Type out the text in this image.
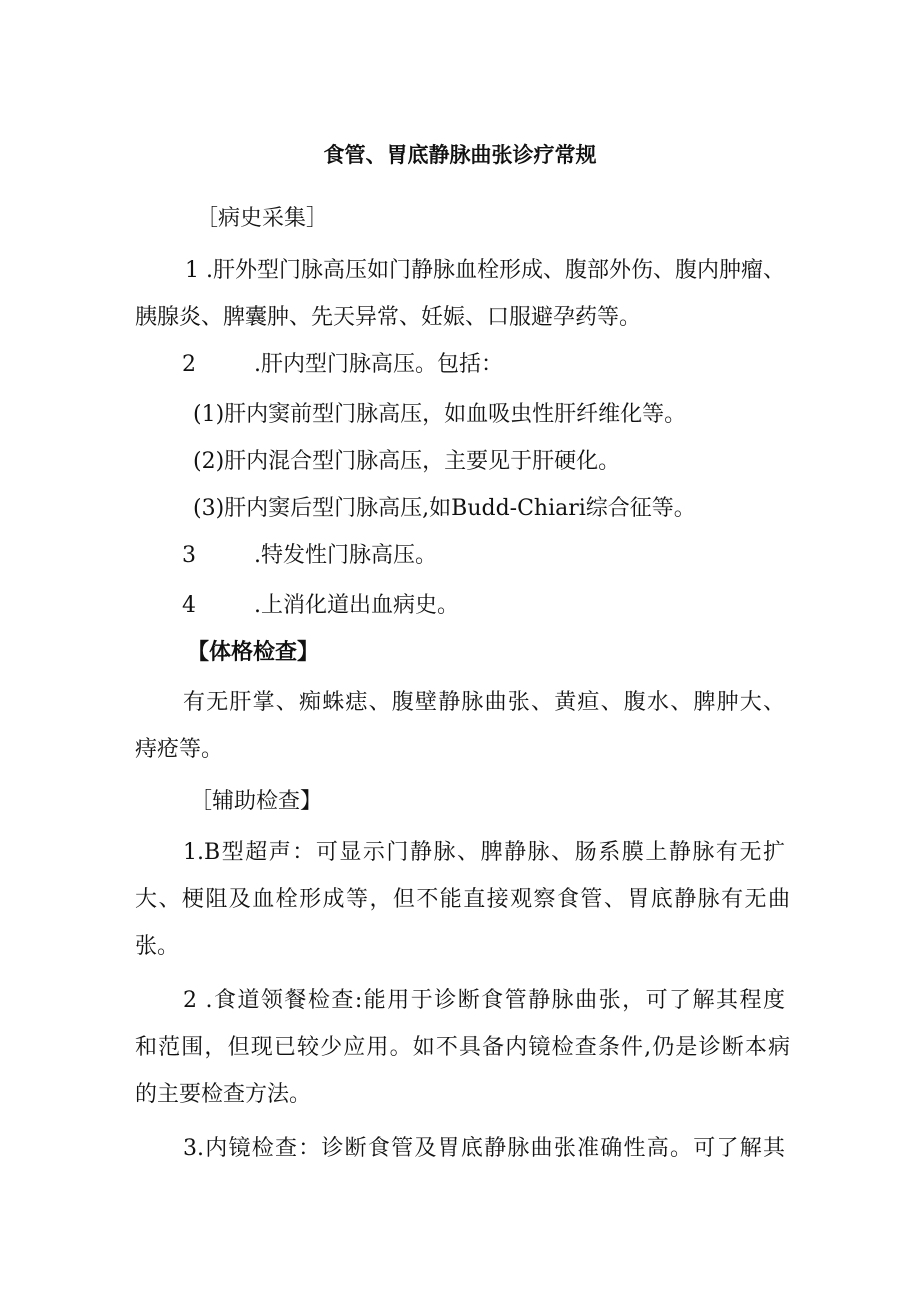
食管、胃底静脉曲张诊疗常规
［病史采集］
1 .肝外型门脉高压如门静脉血栓形成、腹部外伤、腹内肿瘤、
胰腺炎、脾囊肿、先天异常、妊娠、口服避孕药等。
2	.肝内型门脉高压。包括：
(1)肝内窦前型门脉高压，如血吸虫性肝纤维化等。
(2)肝内混合型门脉高压，主要见于肝硬化。
(3)肝内窦后型门脉高压,如Budd-Chiari综合征等。
3	.特发性门脉高压。
4	.上消化道出血病史。
【体格检查】
有无肝掌、痴蛛痣、腹壁静脉曲张、黄疸、腹水、脾肿大、
痔疮等。
［辅助检查】
1.B型超声：可显示门静脉、脾静脉、肠系膜上静脉有无扩
大、梗阻及血栓形成等，但不能直接观察食管、胃底静脉有无曲
张。
2 .食道领餐检查:能用于诊断食管静脉曲张，可了解其程度
和范围，但现已较少应用。如不具备内镜检查条件,仍是诊断本病
的主要检查方法。
3.内镜检查：诊断食管及胃底静脉曲张准确性高。可了解其
